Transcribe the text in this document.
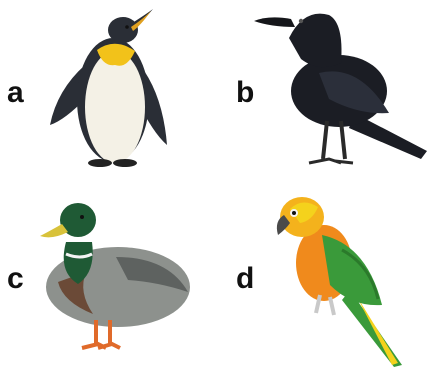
a	b
c	d
